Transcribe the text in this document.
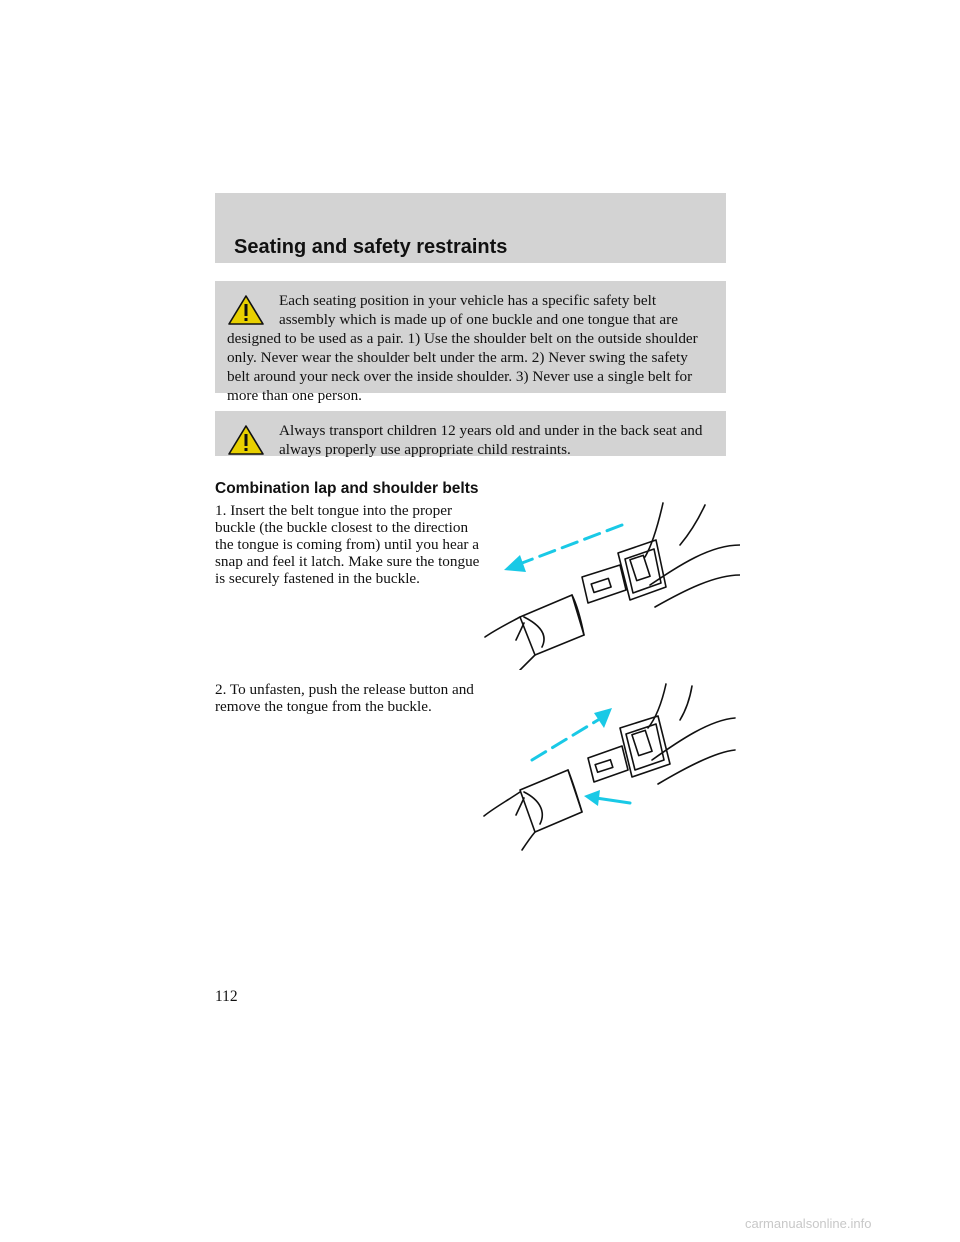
Seating and safety restraints
Each seating position in your vehicle has a specific safety belt assembly which is made up of one buckle and one tongue that are designed to be used as a pair. 1) Use the shoulder belt on the outside shoulder only. Never wear the shoulder belt under the arm. 2) Never swing the safety belt around your neck over the inside shoulder. 3) Never use a single belt for more than one person.
Always transport children 12 years old and under in the back seat and always properly use appropriate child restraints.
Combination lap and shoulder belts

1. Insert the belt tongue into the proper buckle (the buckle closest to the direction the tongue is coming from) until you hear a snap and feel it latch. Make sure the tongue is securely fastened in the buckle.

2. To unfasten, push the release button and remove the tongue from the buckle.

112

carmanualsonline.info
